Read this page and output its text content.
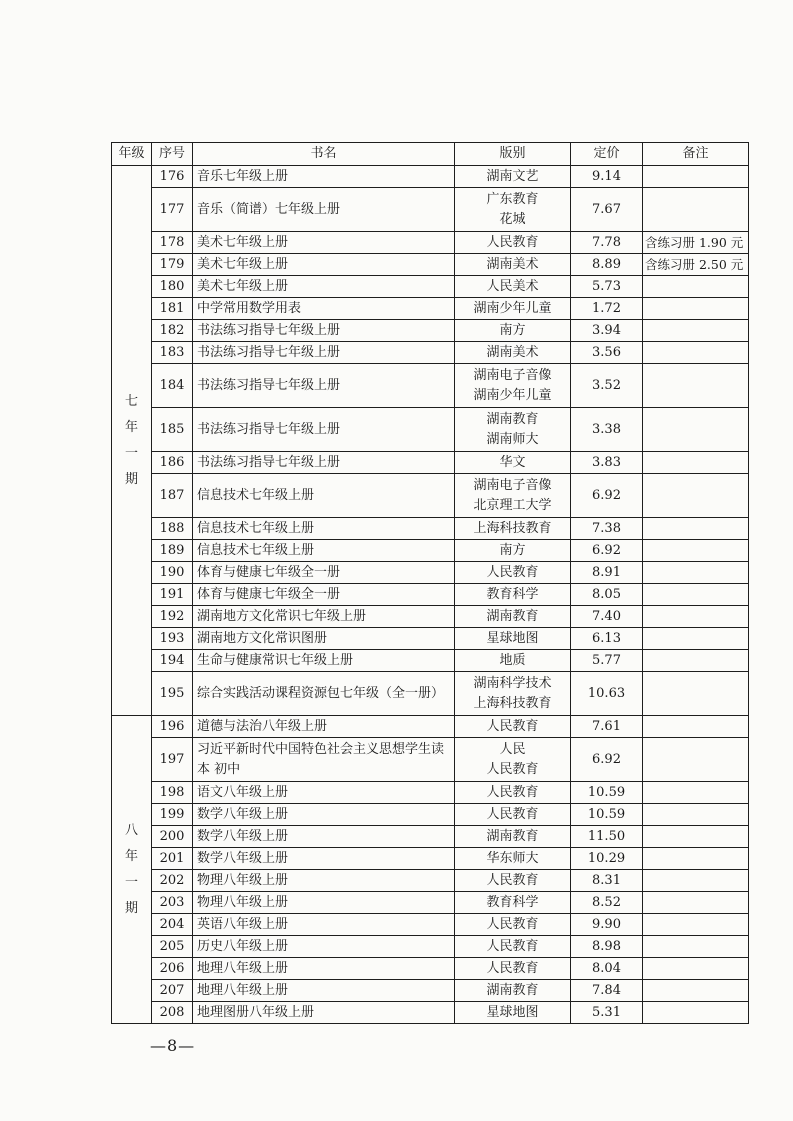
年级	序号	书名	版别	定价	备注

七
年
一
期	176	音乐七年级上册	湖南文艺	9.14	
	177	音乐（简谱）七年级上册	广东教育
花城	7.67	
	178	美术七年级上册	人民教育	7.78	含练习册 1.90 元
	179	美术七年级上册	湖南美术	8.89	含练习册 2.50 元
	180	美术七年级上册	人民美术	5.73	
	181	中学常用数学用表	湖南少年儿童	1.72	
	182	书法练习指导七年级上册	南方	3.94	
	183	书法练习指导七年级上册	湖南美术	3.56	
	184	书法练习指导七年级上册	湖南电子音像
湖南少年儿童	3.52	
	185	书法练习指导七年级上册	湖南教育
湖南师大	3.38	
	186	书法练习指导七年级上册	华文	3.83	
	187	信息技术七年级上册	湖南电子音像
北京理工大学	6.92	
	188	信息技术七年级上册	上海科技教育	7.38	
	189	信息技术七年级上册	南方	6.92	
	190	体育与健康七年级全一册	人民教育	8.91	
	191	体育与健康七年级全一册	教育科学	8.05	
	192	湖南地方文化常识七年级上册	湖南教育	7.40	
	193	湖南地方文化常识图册	星球地图	6.13	
	194	生命与健康常识七年级上册	地质	5.77	
	195	综合实践活动课程资源包七年级（全一册）	湖南科学技术
上海科技教育	10.63	

八
年
一
期	196	道德与法治八年级上册	人民教育	7.61	
	197	习近平新时代中国特色社会主义思想学生读本 初中	人民
人民教育	6.92	
	198	语文八年级上册	人民教育	10.59	
	199	数学八年级上册	人民教育	10.59	
	200	数学八年级上册	湖南教育	11.50	
	201	数学八年级上册	华东师大	10.29	
	202	物理八年级上册	人民教育	8.31	
	203	物理八年级上册	教育科学	8.52	
	204	英语八年级上册	人民教育	9.90	
	205	历史八年级上册	人民教育	8.98	
	206	地理八年级上册	人民教育	8.04	
	207	地理八年级上册	湖南教育	7.84	
	208	地理图册八年级上册	星球地图	5.31	
—8—
